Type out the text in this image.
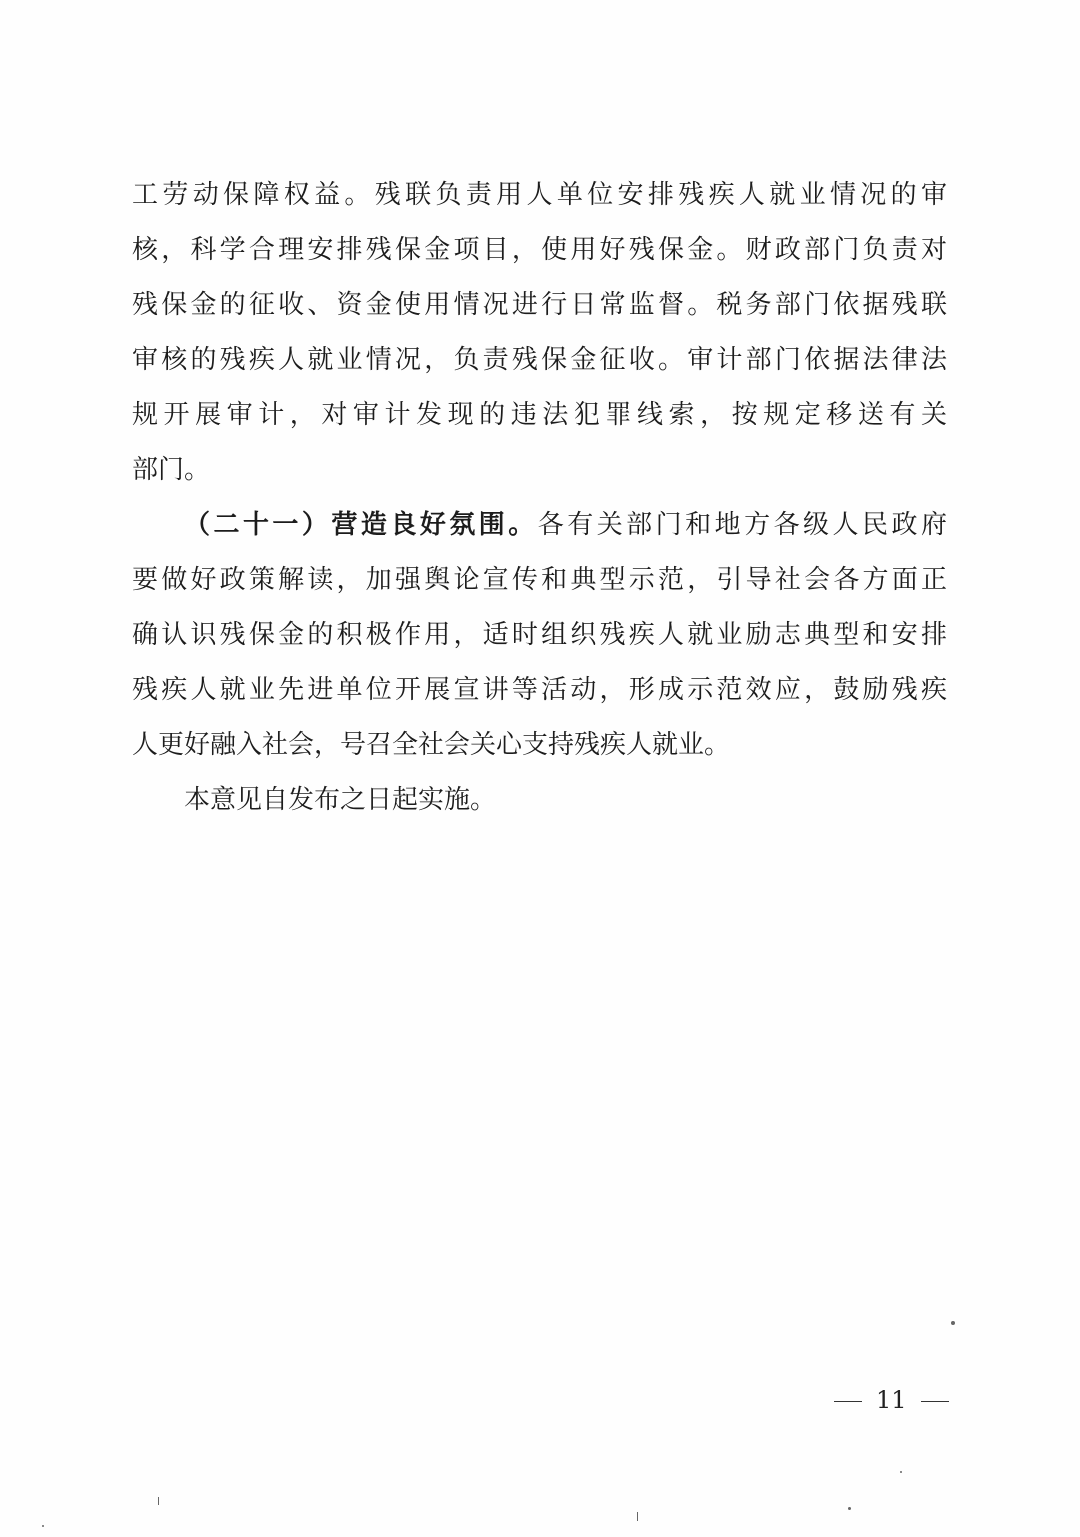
工劳动保障权益。残联负责用人单位安排残疾人就业情况的审
核，科学合理安排残保金项目，使用好残保金。财政部门负责对
残保金的征收、资金使用情况进行日常监督。税务部门依据残联
审核的残疾人就业情况，负责残保金征收。审计部门依据法律法
规开展审计，对审计发现的违法犯罪线索，按规定移送有关
部门。
（二十一）营造良好氛围。各有关部门和地方各级人民政府
要做好政策解读，加强舆论宣传和典型示范，引导社会各方面正
确认识残保金的积极作用，适时组织残疾人就业励志典型和安排
残疾人就业先进单位开展宣讲等活动，形成示范效应，鼓励残疾
人更好融入社会，号召全社会关心支持残疾人就业。
本意见自发布之日起实施。
11
